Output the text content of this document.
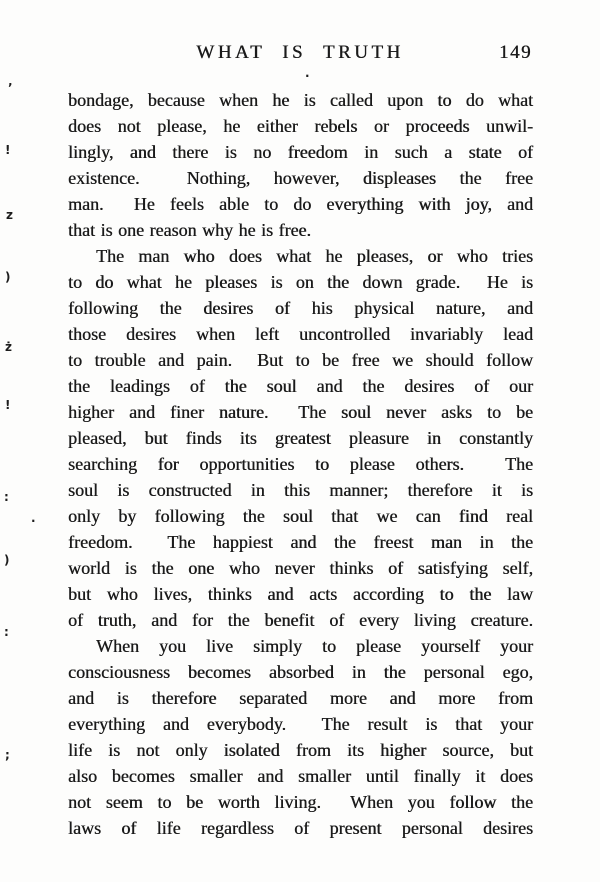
WHAT IS TRUTH	149
bondage, because when he is called upon to do what
does not please, he either rebels or proceeds unwil-
lingly, and there is no freedom in such a state of
existence.  Nothing, however, displeases the free
man.  He feels able to do everything with joy, and
that is one reason why he is free.
The man who does what he pleases, or who tries
to do what he pleases is on the down grade.  He is
following the desires of his physical nature, and
those desires when left uncontrolled invariably lead
to trouble and pain.  But to be free we should follow
the leadings of the soul and the desires of our
higher and finer nature.  The soul never asks to be
pleased, but finds its greatest pleasure in constantly
searching for opportunities to please others.  The
soul is constructed in this manner; therefore it is
only by following the soul that we can find real
freedom.  The happiest and the freest man in the
world is the one who never thinks of satisfying self,
but who lives, thinks and acts according to the law
of truth, and for the benefit of every living creature.
When you live simply to please yourself your
consciousness becomes absorbed in the personal ego,
and is therefore separated more and more from
everything and everybody.  The result is that your
life is not only isolated from its higher source, but
also becomes smaller and smaller until finally it does
not seem to be worth living.  When you follow the
laws of life regardless of present personal desires
’
!
z
)
ż
!
:
·
)
:
;
·
